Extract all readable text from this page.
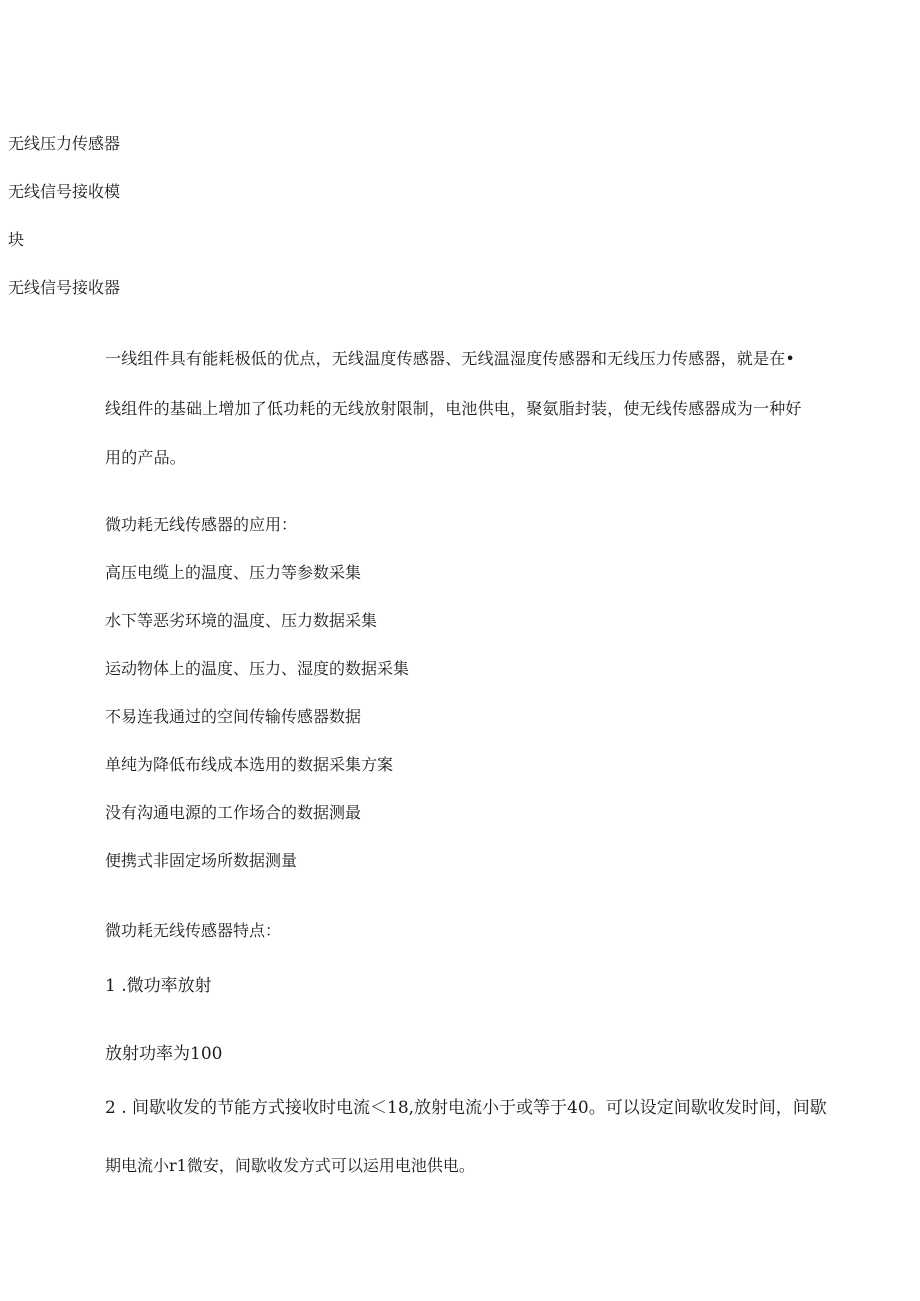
无线压力传感器
无线信号接收模
块
无线信号接收器
一线组件具有能耗极低的优点，无线温度传感器、无线温湿度传感器和无线压力传感器，就是在•
线组件的基础上增加了低功耗的无线放射限制，电池供电，聚氨脂封装，使无线传感器成为一种好
用的产品。
微功耗无线传感器的应用：
高压电缆上的温度、压力等参数采集
水下等恶劣环境的温度、压力数据采集
运动物体上的温度、压力、湿度的数据采集
不易连我通过的空间传输传感器数据
单纯为降低布线成本选用的数据采集方案
没有沟通电源的工作场合的数据测最
便携式非固定场所数据测量
微功耗无线传感器特点：
1 .微功率放射
放射功率为100
2 . 间歇收发的节能方式接收时电流＜18,放射电流小于或等于40。可以设定间歇收发时间，间歇
期电流小r1微安，间歇收发方式可以运用电池供电。
